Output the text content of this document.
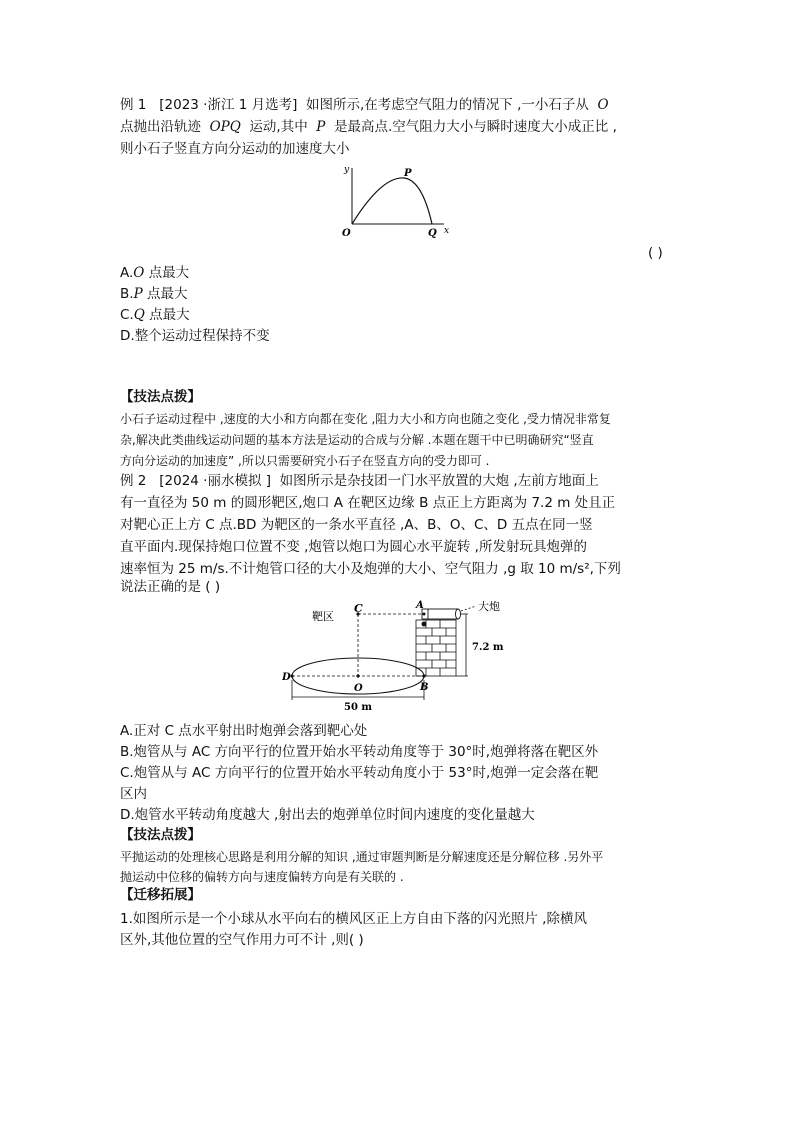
例 1 [2023 ·浙江 1 月选考] 如图所示,在考虑空气阻力的情况下 ,一小石子从 O
点抛出沿轨迹 OPQ 运动,其中 P 是最高点.空气阻力大小与瞬时速度大小成正比 ,
则小石子竖直方向分运动的加速度大小
y
x
O
P
Q
( )
A.O 点最大
B.P 点最大
C.Q 点最大
D.整个运动过程保持不变
【技法点拨】
小石子运动过程中 ,速度的大小和方向都在变化 ,阻力大小和方向也随之变化 ,受力情况非常复
杂,解决此类曲线运动问题的基本方法是运动的合成与分解 .本题在题干中已明确研究“竖直
方向分运动的加速度” ,所以只需要研究小石子在竖直方向的受力即可 .
例 2 [2024 ·丽水模拟 ] 如图所示是杂技团一门水平放置的大炮 ,左前方地面上
有一直径为 50 m 的圆形靶区,炮口 A 在靶区边缘 B 点正上方距离为 7.2 m 处且正
对靶心正上方 C 点.BD 为靶区的一条水平直径 ,A、B、O、C、D 五点在同一竖
直平面内.现保持炮口位置不变 ,炮管以炮口为圆心水平旋转 ,所发射玩具炮弹的
速率恒为 25 m/s.不计炮管口径的大小及炮弹的大小、空气阻力 ,g 取 10 m/s²,下列
说法正确的是 ( )
靶区
C	A	大炮
7.2 m
D
O	B
50 m
A.正对 C 点水平射出时炮弹会落到靶心处
B.炮管从与 AC 方向平行的位置开始水平转动角度等于 30°时,炮弹将落在靶区外
C.炮管从与 AC 方向平行的位置开始水平转动角度小于 53°时,炮弹一定会落在靶
区内
D.炮管水平转动角度越大 ,射出去的炮弹单位时间内速度的变化量越大
【技法点拨】
平抛运动的处理核心思路是利用分解的知识 ,通过审题判断是分解速度还是分解位移 .另外平
抛运动中位移的偏转方向与速度偏转方向是有关联的 .
【迁移拓展】
1.如图所示是一个小球从水平向右的横风区正上方自由下落的闪光照片 ,除横风
区外,其他位置的空气作用力可不计 ,则( )
